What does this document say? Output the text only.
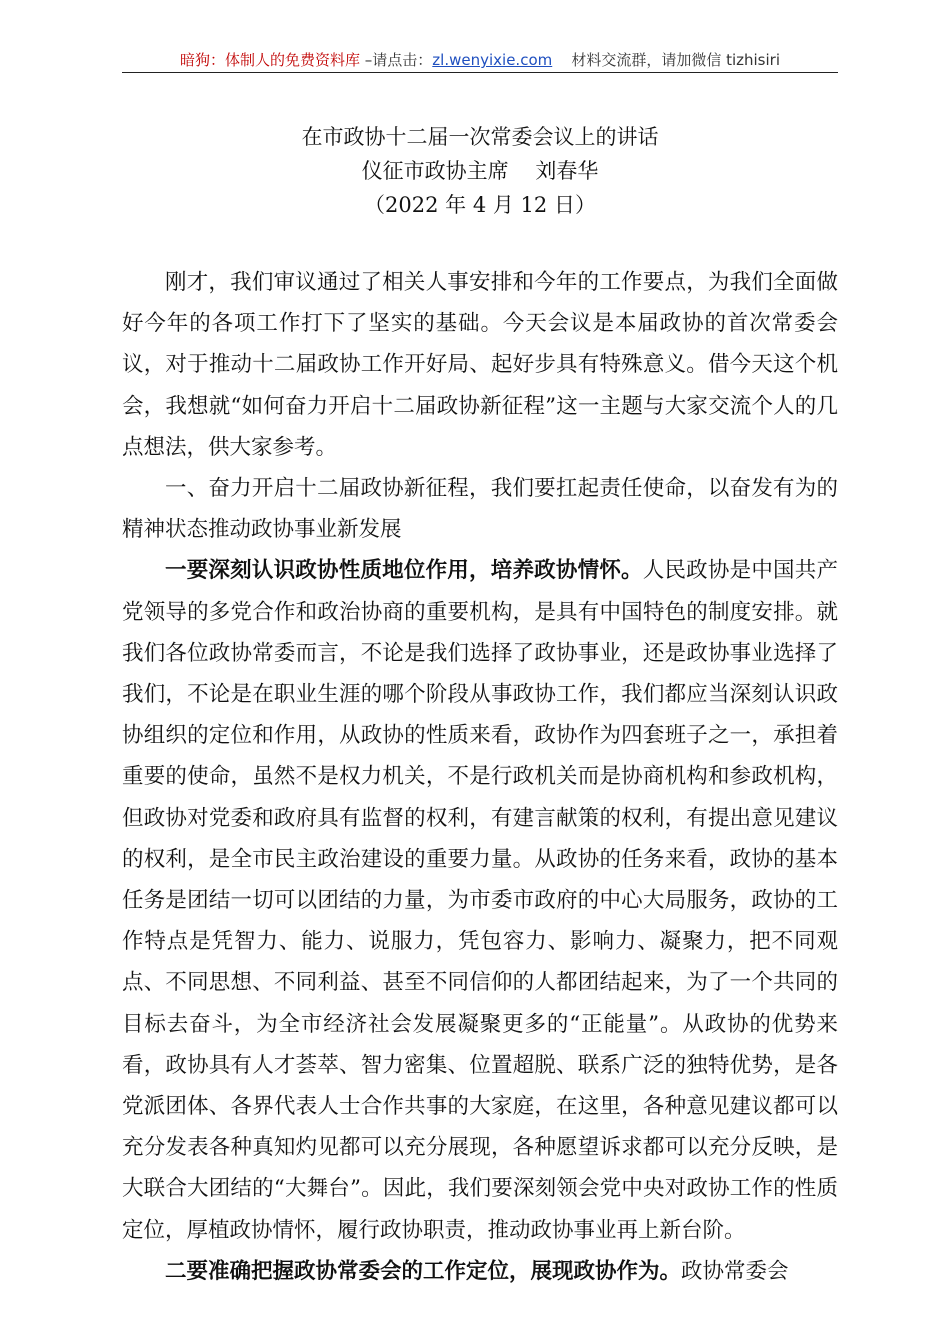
暗狗：体制人的免费资料库 –请点击：zl.wenyixie.com 材料交流群，请加微信 tizhisiri
在市政协十二届一次常委会议上的讲话
仪征市政协主席    刘春华
（2022 年 4 月 12 日）

刚才，我们审议通过了相关人事安排和今年的工作要点，为我们全面做好今年的各项工作打下了坚实的基础。今天会议是本届政协的首次常委会议，对于推动十二届政协工作开好局、起好步具有特殊意义。借今天这个机会，我想就“如何奋力开启十二届政协新征程”这一主题与大家交流个人的几点想法，供大家参考。

一、奋力开启十二届政协新征程，我们要扛起责任使命，以奋发有为的精神状态推动政协事业新发展

一要深刻认识政协性质地位作用，培养政协情怀。人民政协是中国共产党领导的多党合作和政治协商的重要机构，是具有中国特色的制度安排。就我们各位政协常委而言，不论是我们选择了政协事业，还是政协事业选择了我们，不论是在职业生涯的哪个阶段从事政协工作，我们都应当深刻认识政协组织的定位和作用，从政协的性质来看，政协作为四套班子之一，承担着重要的使命，虽然不是权力机关，不是行政机关而是协商机构和参政机构，但政协对党委和政府具有监督的权利，有建言献策的权利，有提出意见建议的权利，是全市民主政治建设的重要力量。从政协的任务来看，政协的基本任务是团结一切可以团结的力量，为市委市政府的中心大局服务，政协的工作特点是凭智力、能力、说服力，凭包容力、影响力、凝聚力，把不同观点、不同思想、不同利益、甚至不同信仰的人都团结起来，为了一个共同的目标去奋斗，为全市经济社会发展凝聚更多的“正能量”。从政协的优势来看，政协具有人才荟萃、智力密集、位置超脱、联系广泛的独特优势，是各党派团体、各界代表人士合作共事的大家庭，在这里，各种意见建议都可以充分发表各种真知灼见都可以充分展现，各种愿望诉求都可以充分反映，是大联合大团结的“大舞台”。因此，我们要深刻领会党中央对政协工作的性质定位，厚植政协情怀，履行政协职责，推动政协事业再上新台阶。

二要准确把握政协常委会的工作定位，展现政协作为。政协常委会
